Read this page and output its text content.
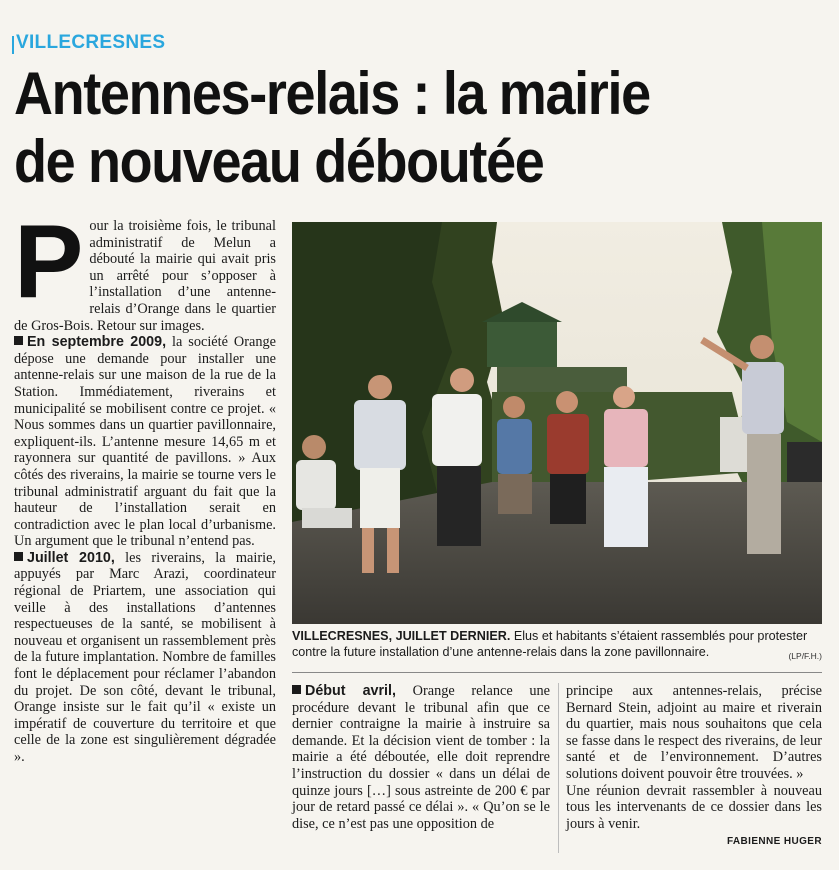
VILLECRESNES
Antennes-relais : la mairie
de nouveau déboutée

Pour la troisième fois, le tribunal administratif de Melun a débouté la mairie qui avait pris un arrêté pour s’opposer à l’installation d’une antenne-relais d’Orange dans le quartier de Gros-Bois. Retour sur images.

En septembre 2009, la société Orange dépose une demande pour installer une antenne-relais sur une maison de la rue de la Station. Immédiatement, riverains et municipalité se mobilisent contre ce projet. « Nous sommes dans un quartier pavillonnaire, expliquent-ils. L’antenne mesure 14,65 m et rayonnera sur quantité de pavillons. » Aux côtés des riverains, la mairie se tourne vers le tribunal administratif arguant du fait que la hauteur de l’installation serait en contradiction avec le plan local d’urbanisme. Un argument que le tribunal n’entend pas.

Juillet 2010, les riverains, la mairie, appuyés par Marc Arazi, coordinateur régional de Priartem, une association qui veille à des installations d’antennes respectueuses de la santé, se mobilisent à nouveau et organisent un rassemblement près de la future implantation. Nombre de familles font le déplacement pour réclamer l’abandon du projet. De son côté, devant le tribunal, Orange insiste sur le fait qu’il « existe un impératif de couverture du territoire et que celle de la zone est singulièrement dégradée ».

VILLECRESNES, JUILLET DERNIER. Elus et habitants s’étaient rassemblés pour protester contre la future installation d’une antenne-relais dans la zone pavillonnaire.	(LP/F.H.)

Début avril, Orange relance une procédure devant le tribunal afin que ce dernier contraigne la mairie à instruire sa demande. Et la décision vient de tomber : la mairie a été déboutée, elle doit reprendre l’instruction du dossier « dans un délai de quinze jours […] sous astreinte de 200 € par jour de retard passé ce délai ». « Qu’on se le dise, ce n’est pas une opposition de

principe aux antennes-relais, précise Bernard Stein, adjoint au maire et riverain du quartier, mais nous souhaitons que cela se fasse dans le respect des riverains, de leur santé et de l’environnement. D’autres solutions doivent pouvoir être trouvées. »

Une réunion devrait rassembler à nouveau tous les intervenants de ce dossier dans les jours à venir.

FABIENNE HUGER
